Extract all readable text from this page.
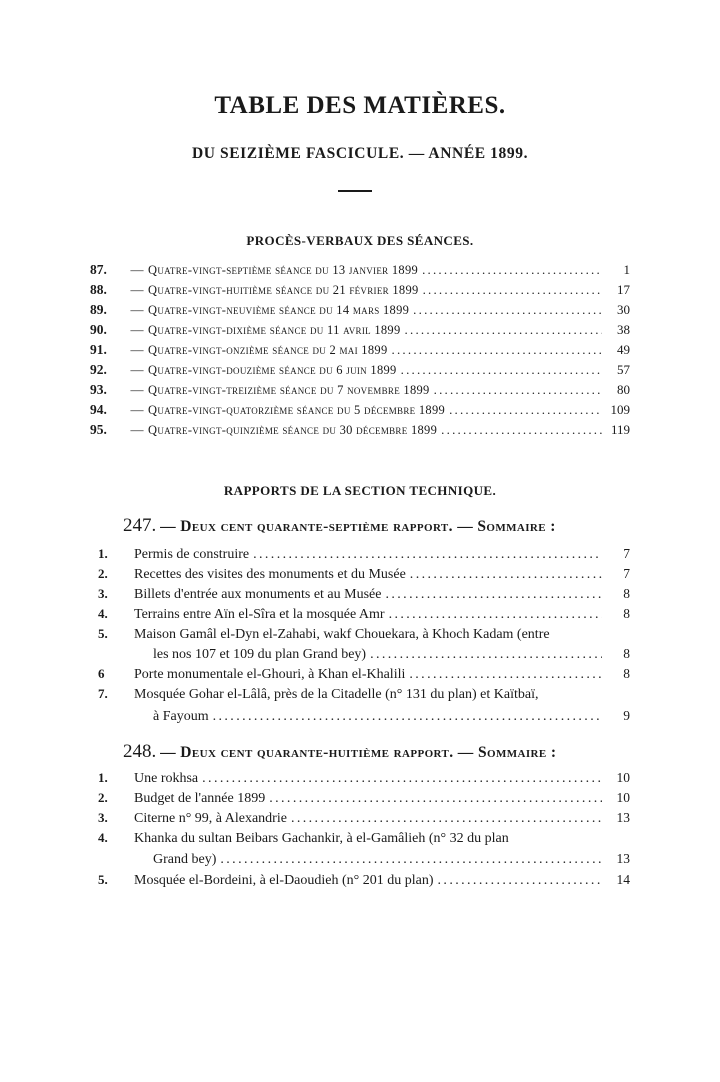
TABLE DES MATIÈRES.
DU SEIZIÈME FASCICULE. — ANNÉE 1899.
PROCÈS-VERBAUX DES SÉANCES.
87.	— Quatre-vingt-septième séance du 13 janvier 1899 .....	1
88.	— Quatre-vingt-huitième séance du 21 février 1899 .....	17
89.	— Quatre-vingt-neuvième séance du 14 mars 1899 .....	30
90.	— Quatre-vingt-dixième séance du 11 avril 1899 .....	38
91.	— Quatre-vingt-onzième séance du 2 mai 1899 .....	49
92.	— Quatre-vingt-douzième séance du 6 juin 1899 .....	57
93.	— Quatre-vingt-treizième séance du 7 novembre 1899 .....	80
94.	— Quatre-vingt-quatorzième séance du 5 décembre 1899 .....	109
95.	— Quatre-vingt-quinzième séance du 30 décembre 1899 .....	119
RAPPORTS DE LA SECTION TECHNIQUE.
247. — Deux cent quarante-septième rapport. — Sommaire :
1.	Permis de construire .....	7
2.	Recettes des visites des monuments et du Musée .....	7
3.	Billets d'entrée aux monuments et au Musée .....	8
4.	Terrains entre Aïn el-Sîra et la mosquée Amr .....	8
5.	Maison Gamâl el-Dyn el-Zahabi, wakf Chouekara, à Khoch Kadam (entre
les nos 107 et 109 du plan Grand bey) .....	8
6	Porte monumentale el-Ghouri, à Khan el-Khalili .....	8
7.	Mosquée Gohar el-Lâlâ, près de la Citadelle (n° 131 du plan) et Kaïtbaï,
à Fayoum .....	9
248. — Deux cent quarante-huitième rapport. — Sommaire :
1.	Une rokhsa .....	10
2.	Budget de l'année 1899 .....	10
3.	Citerne n° 99, à Alexandrie .....	13
4.	Khanka du sultan Beibars Gachankir, à el-Gamâlieh (n° 32 du plan
Grand bey) .....	13
5.	Mosquée el-Bordeini, à el-Daoudieh (n° 201 du plan) .....	14
